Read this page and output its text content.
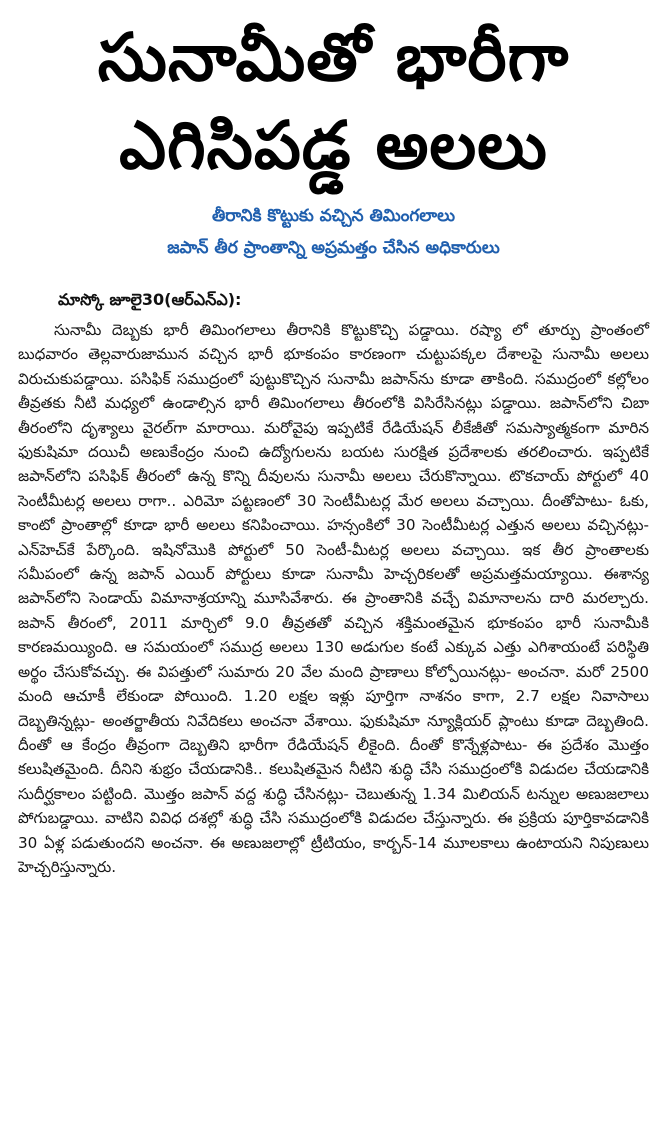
సునామీతో భారీగా
ఎగిసిపడ్డ అలలు
తీరానికి కొట్టుకు వచ్చిన తిమింగలాలు
జపాన్‌ తీర ప్రాంతాన్ని అప్రమత్తం చేసిన అధికారులు
మాస్కో జూలై30(ఆర్‌ఎన్‌ఎ):

సునామీ దెబ్బకు భారీ తిమింగలాలు తీరానికి కొట్టుకొచ్చి పడ్డాయి. రష్యా లో తూర్పు ప్రాంతంలో బుధవారం తెల్లవారుజామున వచ్చిన భారీ భూకంపం కారణంగా చుట్టుపక్కల దేశాలపై సునామీ అలలు విరుచుకుపడ్డాయి. పసిఫిక్‌ సముద్రంలో పుట్టుకొచ్చిన సునామీ జపాన్‌ను కూడా తాకింది. సముద్రంలో కల్లోలం తీవ్రతకు నీటి మధ్యలో ఉండాల్సిన భారీ తిమింగలాలు తీరంలోకి విసిరేసినట్లు పడ్డాయి. జపాన్‌లోని చిబా తీరంలోని దృశ్యాలు వైరల్‌గా మారాయి. మరోవైపు ఇప్పటికే రేడియేషన్‌ లీకేజీతో సమస్యాత్మకంగా మారిన ఫుకుషిమా దయిచీ అణుకేంద్రం నుంచి ఉద్యోగులను బయట సురక్షిత ప్రదేశాలకు తరలించారు. ఇప్పటికే జపాన్‌లోని పసిఫిక్‌ తీరంలో ఉన్న కొన్ని దీవులను సునామీ అలలు చేరుకొన్నాయి. టొకచాయ్‌ పోర్టులో 40 సెంటీమీటర్ల అలలు రాగా.. ఎరిమో పట్టణంలో 30 సెంటీమీటర్ల మేర అలలు వచ్చాయి. దీంతోపాటు- ఓకు, కాంటో ప్రాంతాల్లో కూడా భారీ అలలు కనిపించాయి. హన్సంకిలో 30 సెంటీమీటర్ల ఎత్తున అలలు వచ్చినట్లు- ఎన్‌హెచ్‌కే పేర్కొంది. ఇషినోమొకి పోర్టులో 50 సెంటీ-మీటర్ల అలలు వచ్చాయి. ఇక తీర ప్రాంతాలకు సమీపంలో ఉన్న జపాన్‌ ఎయిర్‌ పోర్టులు కూడా సునామీ హెచ్చరికలతో అప్రమత్తమయ్యాయి. ఈశాన్య జపాన్‌లోని సెండాయ్‌ విమానాశ్రయాన్ని మూసివేశారు. ఈ ప్రాంతానికి వచ్చే విమానాలను దారి మరల్చారు. జపాన్‌ తీరంలో, 2011 మార్చిలో 9.0 తీవ్రతతో వచ్చిన శక్తిమంతమైన భూకంపం భారీ సునామీకి కారణమయ్యింది. ఆ సమయంలో సముద్ర అలలు 130 అడుగుల కంటే ఎక్కువ ఎత్తు ఎగిశాయంటే పరిస్థితి అర్థం చేసుకోవచ్చు. ఈ విపత్తులో సుమారు 20 వేల మంది ప్రాణాలు కోల్పోయినట్లు- అంచనా. మరో 2500 మంది ఆచూకీ లేకుండా పోయింది. 1.20 లక్షల ఇళ్లు పూర్తిగా నాశనం కాగా, 2.7 లక్షల నివాసాలు దెబ్బతిన్నట్లు- అంతర్జాతీయ నివేదికలు అంచనా వేశాయి. ఫుకుషిమా న్యూక్లియర్‌ ప్లాంటు కూడా దెబ్బతింది. దీంతో ఆ కేంద్రం తీవ్రంగా దెబ్బతిని భారీగా రేడియేషన్‌ లీకైంది. దీంతో కొన్నేళ్లపాటు- ఈ ప్రదేశం మొత్తం కలుషితమైంది. దీనిని శుభ్రం చేయడానికి.. కలుషితమైన నీటిని శుద్ధి చేసి సముద్రంలోకి విడుదల చేయడానికి సుదీర్ఘకాలం పట్టింది. మొత్తం జపాన్‌ వద్ద శుద్ధి చేసినట్లు- చెబుతున్న 1.34 మిలియన్‌ టన్నుల అణుజలాలు పోగుబడ్డాయి. వాటిని వివిధ దశల్లో శుద్ధి చేసి సముద్రంలోకి విడుదల చేస్తున్నారు. ఈ ప్రక్రియ పూర్తికావడానికి 30 ఏళ్ల పడుతుందని అంచనా. ఈ అణుజలాల్లో ట్రీటియం, కార్బన్‌-14 మూలకాలు ఉంటాయని నిపుణులు హెచ్చరిస్తున్నారు.
